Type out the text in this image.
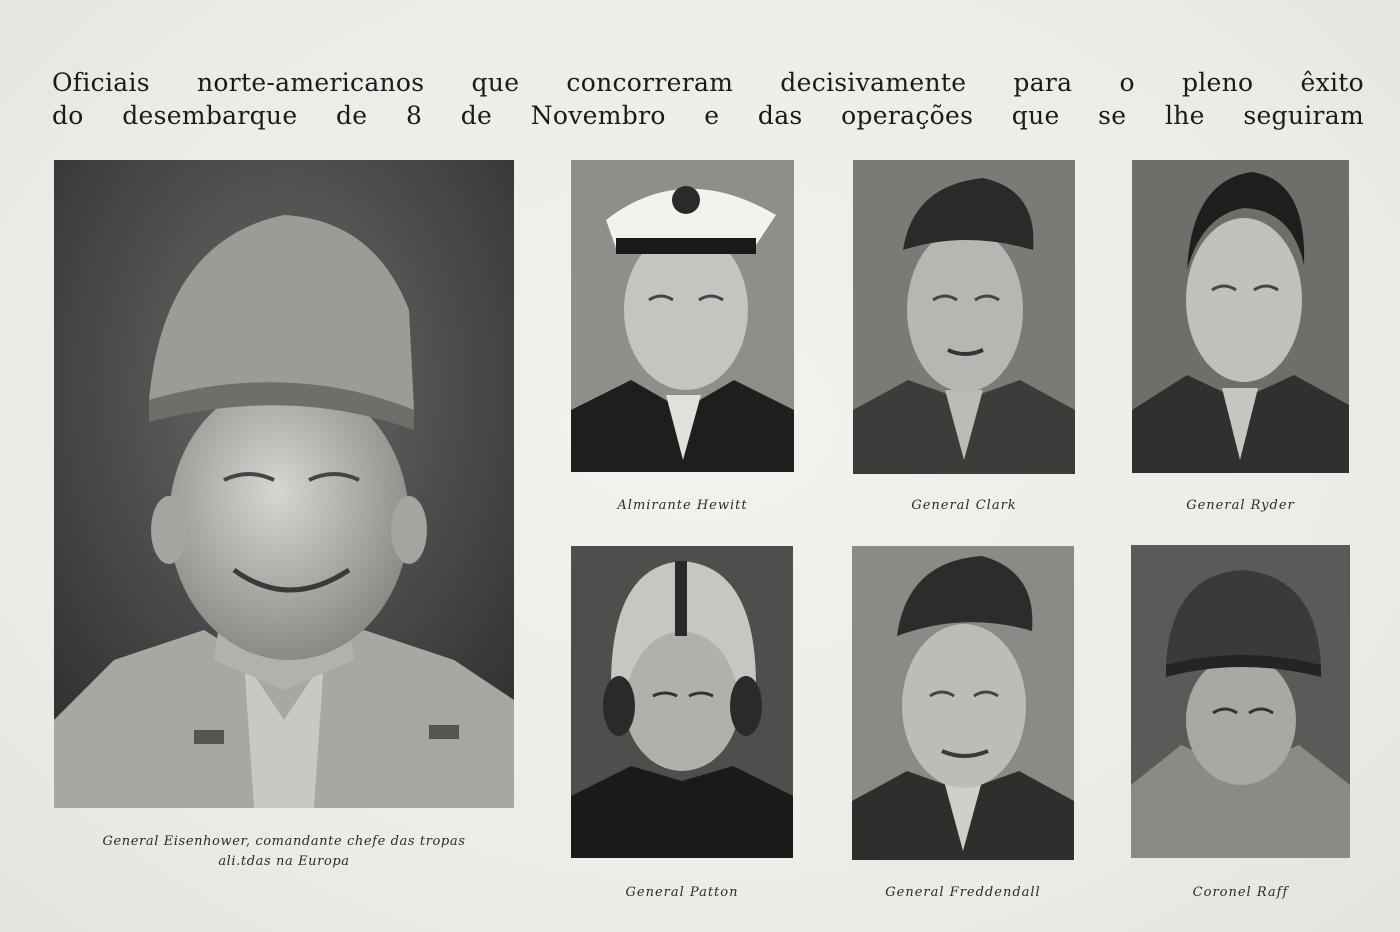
Oficiais norte-americanos que concorreram decisivamente para o pleno êxito
do desembarque de 8 de Novembro e das operações que se lhe seguiram
General Eisenhower, comandante chefe das tropas
ali.tdas na Europa
Almirante Hewitt	General Clark	General Ryder
General Patton	General Freddendall	Coronel Raff
